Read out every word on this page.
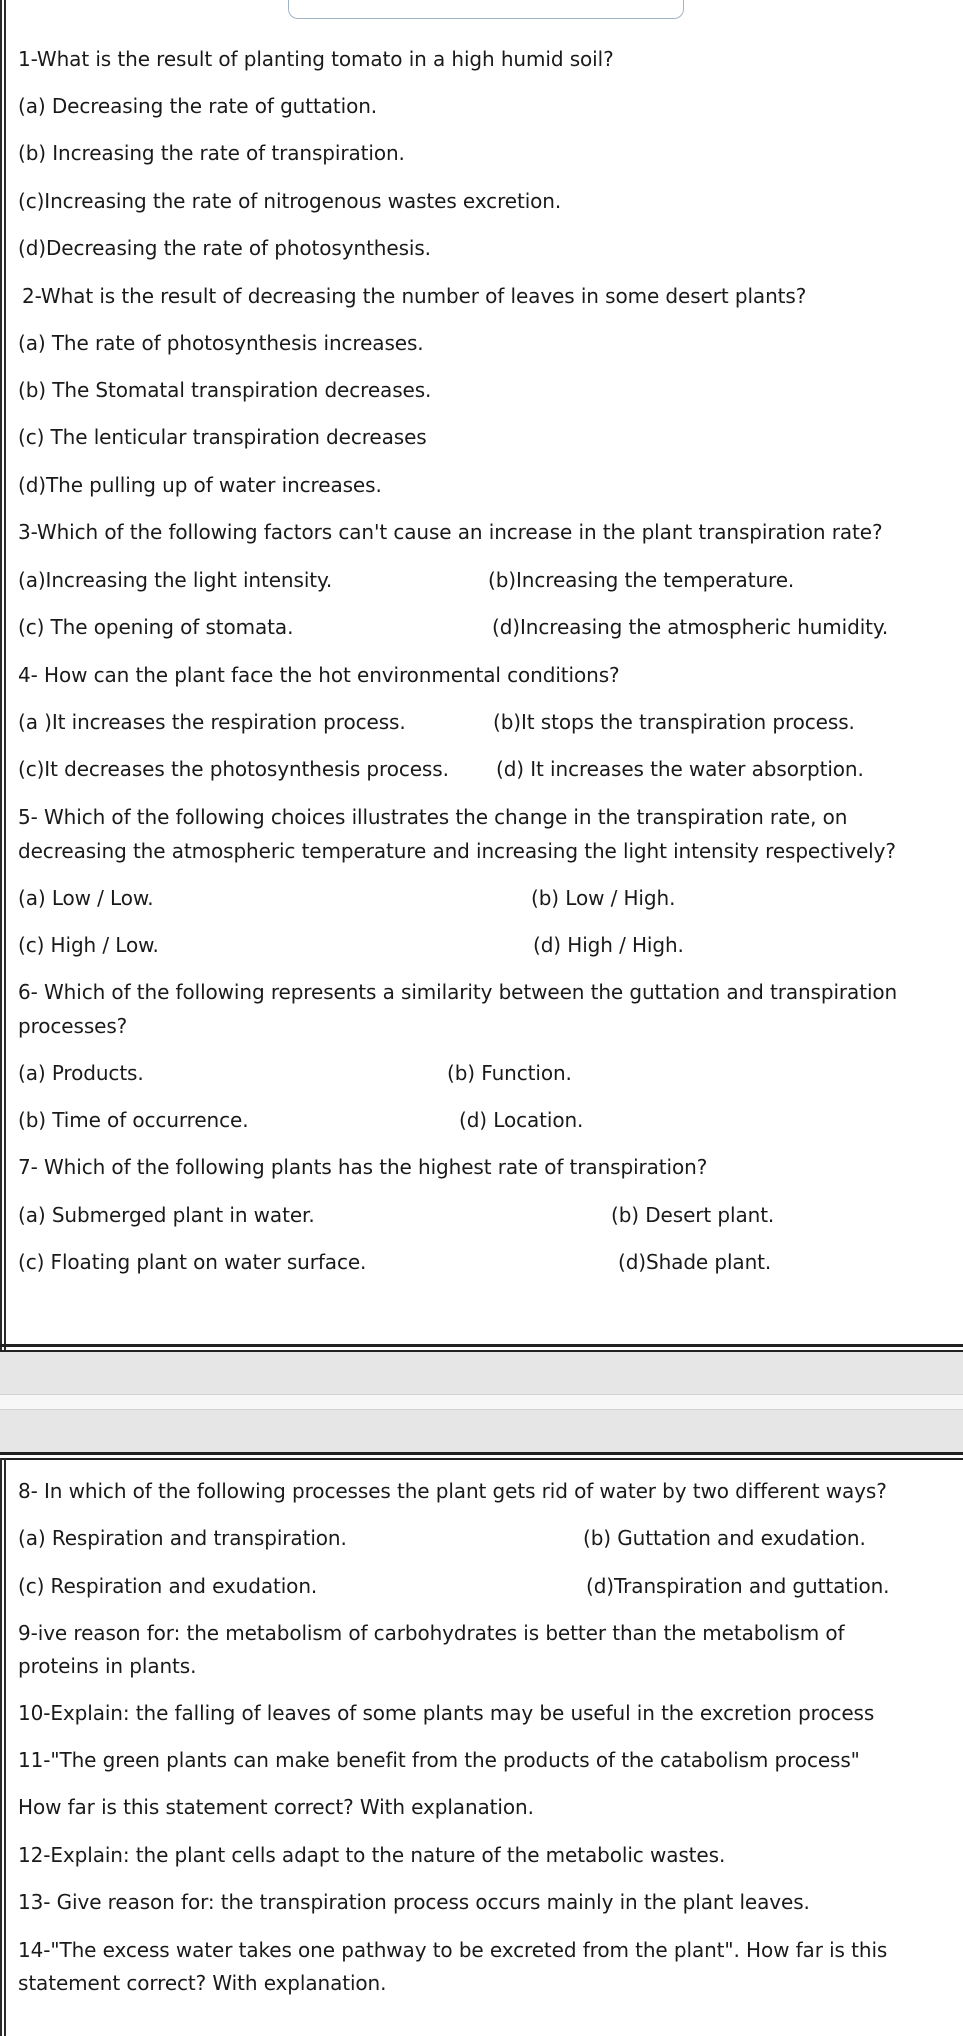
1-What is the result of planting tomato in a high humid soil?
(a) Decreasing the rate of guttation.
(b) Increasing the rate of transpiration.
(c)Increasing the rate of nitrogenous wastes excretion.
(d)Decreasing the rate of photosynthesis.
2-What is the result of decreasing the number of leaves in some desert plants?
(a) The rate of photosynthesis increases.
(b) The Stomatal transpiration decreases.
(c) The lenticular transpiration decreases
(d)The pulling up of water increases.
3-Which of the following factors can't cause an increase in the plant transpiration rate?
(a)Increasing the light intensity.	(b)Increasing the temperature.
(c) The opening of stomata.	(d)Increasing the atmospheric humidity.
4- How can the plant face the hot environmental conditions?
(a )It increases the respiration process.	(b)It stops the transpiration process.
(c)It decreases the photosynthesis process. (d) It increases the water absorption.
5- Which of the following choices illustrates the change in the transpiration rate, on
decreasing the atmospheric temperature and increasing the light intensity respectively?
(a) Low / Low.	(b) Low / High.
(c) High / Low.	(d) High / High.
6- Which of the following represents a similarity between the guttation and transpiration
processes?
(a) Products.	(b) Function.
(b) Time of occurrence.	(d) Location.
7- Which of the following plants has the highest rate of transpiration?
(a) Submerged plant in water.	(b) Desert plant.
(c) Floating plant on water surface.	(d)Shade plant.
8- In which of the following processes the plant gets rid of water by two different ways?
(a) Respiration and transpiration.	(b) Guttation and exudation.
(c) Respiration and exudation.	(d)Transpiration and guttation.
9-ive reason for: the metabolism of carbohydrates is better than the metabolism of
proteins in plants.
10-Explain: the falling of leaves of some plants may be useful in the excretion process
11-"The green plants can make benefit from the products of the catabolism process"
How far is this statement correct? With explanation.
12-Explain: the plant cells adapt to the nature of the metabolic wastes.
13- Give reason for: the transpiration process occurs mainly in the plant leaves.
14-"The excess water takes one pathway to be excreted from the plant". How far is this
statement correct? With explanation.
